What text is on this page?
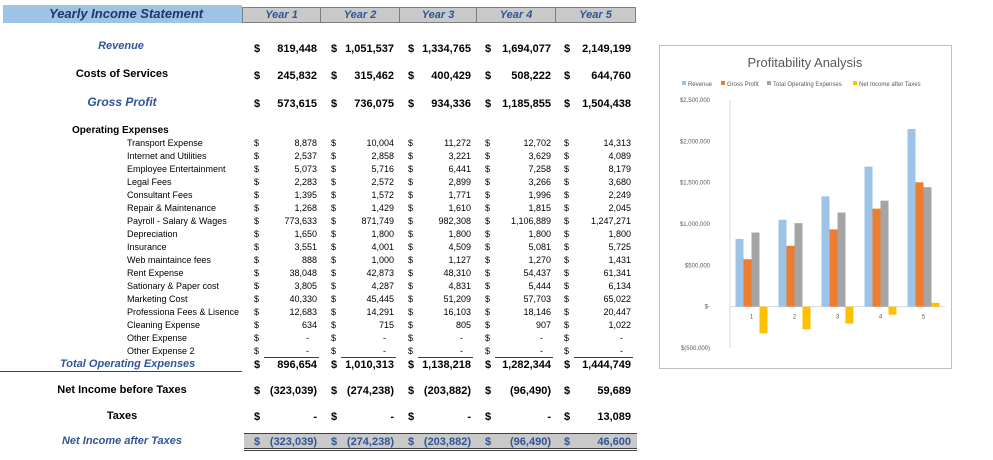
Yearly Income Statement	Year 1	Year 2	Year 3	Year 4	Year 5
Revenue	$ 819,448 $ 1,051,537 $ 1,334,765 $ 1,694,077 $ 2,149,199
Costs of Services	$ 245,832 $ 315,462 $ 400,429 $ 508,222 $ 644,760
Gross Profit	$ 573,615 $ 736,075 $ 934,336 $ 1,185,855 $ 1,504,438
Operating Expenses
Transport Expense	$	8,878 $	10,004 $	11,272 $	12,702 $	14,313
Internet and Utilities	$	2,537 $	2,858 $	3,221 $	3,629 $	4,089
Employee Entertainment	$	5,073 $	5,716 $	6,441 $	7,258 $	8,179
Legal Fees	$	2,283 $	2,572 $	2,899 $	3,266 $	3,680
Consultant Fees	$	1,395 $	1,572 $	1,771 $	1,996 $	2,249
Repair & Maintenance	$	1,268 $	1,429 $	1,610 $	1,815 $	2,045
Payroll - Salary & Wages	$	773,633 $	871,749 $	982,308 $ 1,106,889 $ 1,247,271
Depreciation	$	1,650 $	1,800 $	1,800 $	1,800 $	1,800
Insurance	$	3,551 $	4,001 $	4,509 $	5,081 $	5,725
Web maintaince fees	$	888 $	1,000 $	1,127 $	1,270 $	1,431
Rent Expense	$	38,048 $	42,873 $	48,310 $	54,437 $	61,341
Sationary & Paper cost	$	3,805 $	4,287 $	4,831 $	5,444 $	6,134
Marketing Cost	$	40,330 $	45,445 $	51,209 $	57,703 $	65,022
Professiona Fees & Lisence $	12,683 $	14,291 $	16,103 $	18,146 $	20,447
Cleaning Expense	$	634 $	715 $	805 $	907 $	1,022
Other Expense	$	- $	- $	- $	- $	-
Other Expense 2	$	- $	- $	- $	- $	-
Total Operating Expenses	$ 896,654 $ 1,010,313 $ 1,138,218 $ 1,282,344 $ 1,444,749
Net Income before Taxes	$ (323,039) $ (274,238) $ (203,882) $ (96,490) $ 59,689
Taxes	$	- $	- $	- $	- $ 13,089
Net Income after Taxes	$ (323,039) $ (274,238) $ (203,882) $ (96,490) $ 46,600
Profitability Analysis
Revenue Gross Profit Total Operating Expenses	Net Income after Taxes
$2,500,000
$2,000,000
$1,500,000
$1,000,000
$500,000
$-
$(500,000)
1	2	3	4	5
